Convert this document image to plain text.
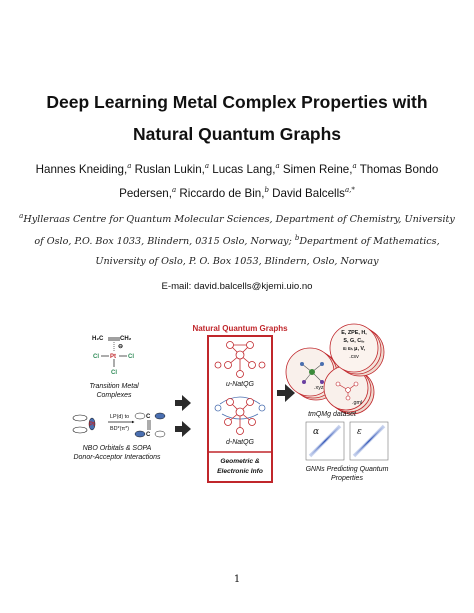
Deep Learning Metal Complex Properties with
Natural Quantum Graphs
Hannes Kneiding,$^a$ Ruslan Lukin,$^a$ Lucas Lang,$^a$ Simen Reine,$^a$ Thomas Bondo
Pedersen,$^a$ Riccardo de Bin,$^b$ David Balcells$^{a,*}$
$^a$Hylleraas Centre for Quantum Molecular Sciences, Department of Chemistry, University
of Oslo, P.O. Box 1033, Blindern, 0315 Oslo, Norway; $^b$Department of Mathematics,
University of Oslo, P. O. Box 1053, Blindern, Oslo, Norway
E-mail: david.balcells@kjemi.uio.no
H₂C	CH₂
⊖
Cl Pt Cl
Cl
Transition Metal
Complexes
Pt
LP(d) to
BD*(π*)
C
C
NBO Orbitals & SOPA
Donor-Acceptor Interactions
Natural Quantum Graphs
u-NatQG
d-NatQG
Geometric &
Electronic Info
.xyz
.gml
E, ZPE, H,
S, G, Cᵥ,
εₗ εₕ μ, V,
.csv
tmQMg dataset
α	ε
GNNs Predicting Quantum
Properties
1
